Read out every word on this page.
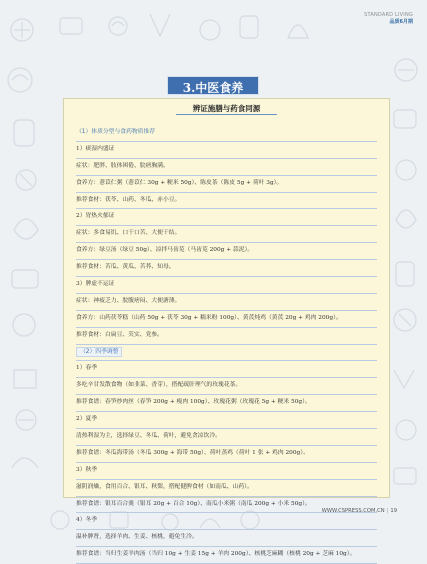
STANDARD LIVING
品质6月期
3.中医食养
辨证施膳与药食同源
（1）体质分型与食药物质推荐
1）痰湿内盛证
症状：肥胖、肢体困倦、脘痞胸满。
食养方：薏苡仁粥（薏苡仁 30g + 粳米 50g）、陈皮茶（陈皮 5g + 荷叶 3g）。
推荐食材：茯苓、山药、冬瓜、赤小豆。
2）胃热火郁证
症状：多食易饥、口干口苦、大便干结。
食养方：绿豆汤（绿豆 50g）、凉拌马齿苋（马齿苋 200g + 蒜泥）。
推荐食材：苦瓜、黄瓜、苦荞、知母。
3）脾虚不运证
症状：神疲乏力、脘腹痞闷、大便溏薄。
食养方：山药茯苓糕（山药 50g + 茯苓 30g + 糯米粉 100g）、黄芪炖鸡（黄芪 20g + 鸡肉 200g）。
推荐食材：白扁豆、芡实、党参。
（2）四季调整
1）春季
多吃辛甘发散食物（如韭菜、香芽），搭配疏肝理气的玫瑰花茶。
推荐食谱：春笋炒肉丝（春笋 200g + 瘦肉 100g）、玫瑰花粥（玫瑰花 5g + 粳米 50g）。
2）夏季
清热利湿为主，选择绿豆、冬瓜、荷叶，避免贪凉饮冷。
推荐食谱：冬瓜海带汤（冬瓜 300g + 海带 50g）、荷叶蒸鸡（荷叶 1 张 + 鸡肉 200g）。
3）秋季
滋阴润燥，食用百合、银耳、秋梨，搭配健脾食材（如南瓜、山药）。
推荐食谱：银耳百合羹（银耳 20g + 百合 10g）、南瓜小米粥（南瓜 200g + 小米 50g）。
4）冬季
温补脾肾，选择羊肉、生姜、核桃，避免生冷。
推荐食谱：当归生姜羊肉汤（当归 10g + 生姜 15g + 羊肉 200g）、核桃芝麻糊（核桃 20g + 芝麻 10g）。
WWW.CSPRESS.COM.CN | 19
